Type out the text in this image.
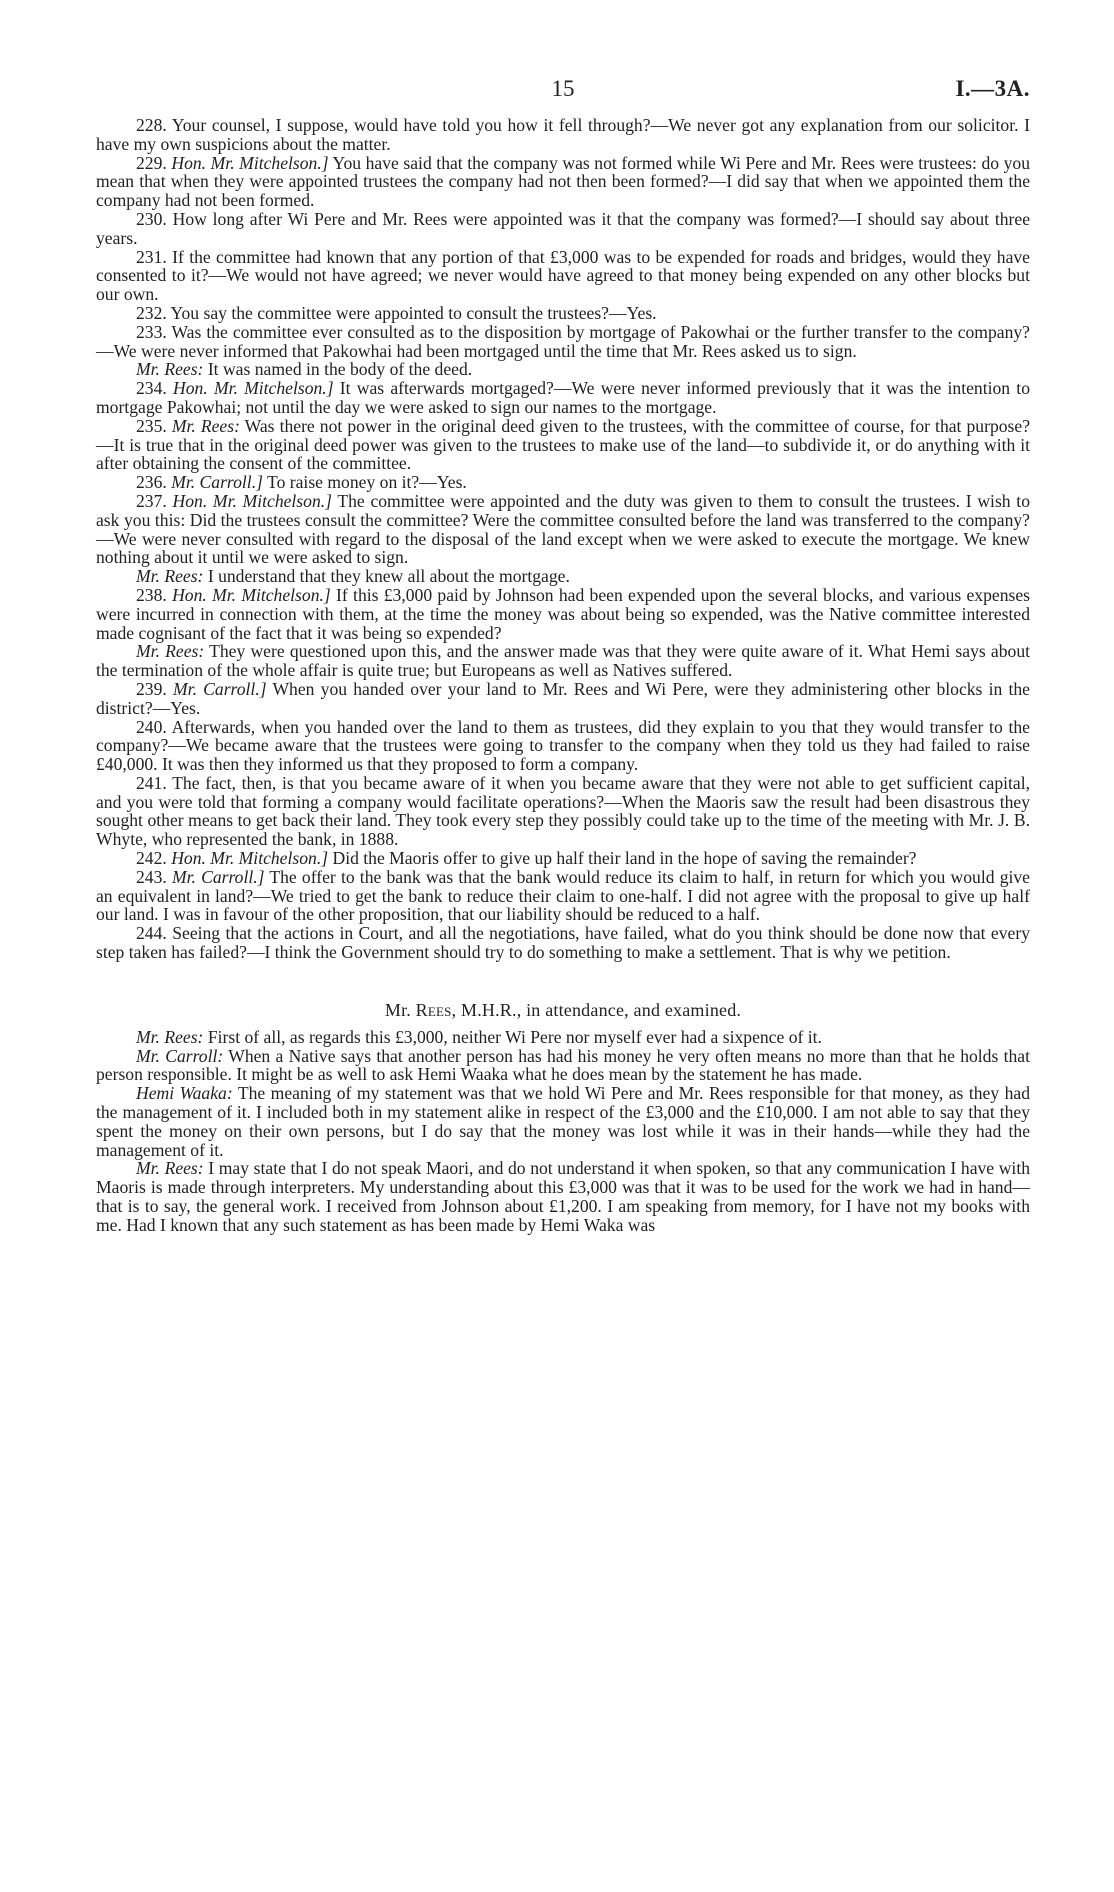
15	I.—3A.

228. Your counsel, I suppose, would have told you how it fell through?—We never got any explanation from our solicitor. I have my own suspicions about the matter.

229. Hon. Mr. Mitchelson.] You have said that the company was not formed while Wi Pere and Mr. Rees were trustees: do you mean that when they were appointed trustees the company had not then been formed?—I did say that when we appointed them the company had not been formed.

230. How long after Wi Pere and Mr. Rees were appointed was it that the company was formed?—I should say about three years.

231. If the committee had known that any portion of that £3,000 was to be expended for roads and bridges, would they have consented to it?—We would not have agreed; we never would have agreed to that money being expended on any other blocks but our own.

232. You say the committee were appointed to consult the trustees?—Yes.

233. Was the committee ever consulted as to the disposition by mortgage of Pakowhai or the further transfer to the company?—We were never informed that Pakowhai had been mortgaged until the time that Mr. Rees asked us to sign.

Mr. Rees: It was named in the body of the deed.

234. Hon. Mr. Mitchelson.] It was afterwards mortgaged?—We were never informed previously that it was the intention to mortgage Pakowhai; not until the day we were asked to sign our names to the mortgage.

235. Mr. Rees: Was there not power in the original deed given to the trustees, with the committee of course, for that purpose?—It is true that in the original deed power was given to the trustees to make use of the land—to subdivide it, or do anything with it after obtaining the consent of the committee.

236. Mr. Carroll.] To raise money on it?—Yes.

237. Hon. Mr. Mitchelson.] The committee were appointed and the duty was given to them to consult the trustees. I wish to ask you this: Did the trustees consult the committee? Were the committee consulted before the land was transferred to the company?—We were never consulted with regard to the disposal of the land except when we were asked to execute the mortgage. We knew nothing about it until we were asked to sign.

Mr. Rees: I understand that they knew all about the mortgage.

238. Hon. Mr. Mitchelson.] If this £3,000 paid by Johnson had been expended upon the several blocks, and various expenses were incurred in connection with them, at the time the money was about being so expended, was the Native committee interested made cognisant of the fact that it was being so expended?

Mr. Rees: They were questioned upon this, and the answer made was that they were quite aware of it. What Hemi says about the termination of the whole affair is quite true; but Europeans as well as Natives suffered.

239. Mr. Carroll.] When you handed over your land to Mr. Rees and Wi Pere, were they administering other blocks in the district?—Yes.

240. Afterwards, when you handed over the land to them as trustees, did they explain to you that they would transfer to the company?—We became aware that the trustees were going to transfer to the company when they told us they had failed to raise £40,000. It was then they informed us that they proposed to form a company.

241. The fact, then, is that you became aware of it when you became aware that they were not able to get sufficient capital, and you were told that forming a company would facilitate operations?—When the Maoris saw the result had been disastrous they sought other means to get back their land. They took every step they possibly could take up to the time of the meeting with Mr. J. B. Whyte, who represented the bank, in 1888.

242. Hon. Mr. Mitchelson.] Did the Maoris offer to give up half their land in the hope of saving the remainder?

243. Mr. Carroll.] The offer to the bank was that the bank would reduce its claim to half, in return for which you would give an equivalent in land?—We tried to get the bank to reduce their claim to one-half. I did not agree with the proposal to give up half our land. I was in favour of the other proposition, that our liability should be reduced to a half.

244. Seeing that the actions in Court, and all the negotiations, have failed, what do you think should be done now that every step taken has failed?—I think the Government should try to do something to make a settlement. That is why we petition.

Mr. Rees, M.H.R., in attendance, and examined.

Mr. Rees: First of all, as regards this £3,000, neither Wi Pere nor myself ever had a sixpence of it.

Mr. Carroll: When a Native says that another person has had his money he very often means no more than that he holds that person responsible. It might be as well to ask Hemi Waaka what he does mean by the statement he has made.

Hemi Waaka: The meaning of my statement was that we hold Wi Pere and Mr. Rees responsible for that money, as they had the management of it. I included both in my statement alike in respect of the £3,000 and the £10,000. I am not able to say that they spent the money on their own persons, but I do say that the money was lost while it was in their hands—while they had the management of it.

Mr. Rees: I may state that I do not speak Maori, and do not understand it when spoken, so that any communication I have with Maoris is made through interpreters. My understanding about this £3,000 was that it was to be used for the work we had in hand—that is to say, the general work. I received from Johnson about £1,200. I am speaking from memory, for I have not my books with me. Had I known that any such statement as has been made by Hemi Waka was
